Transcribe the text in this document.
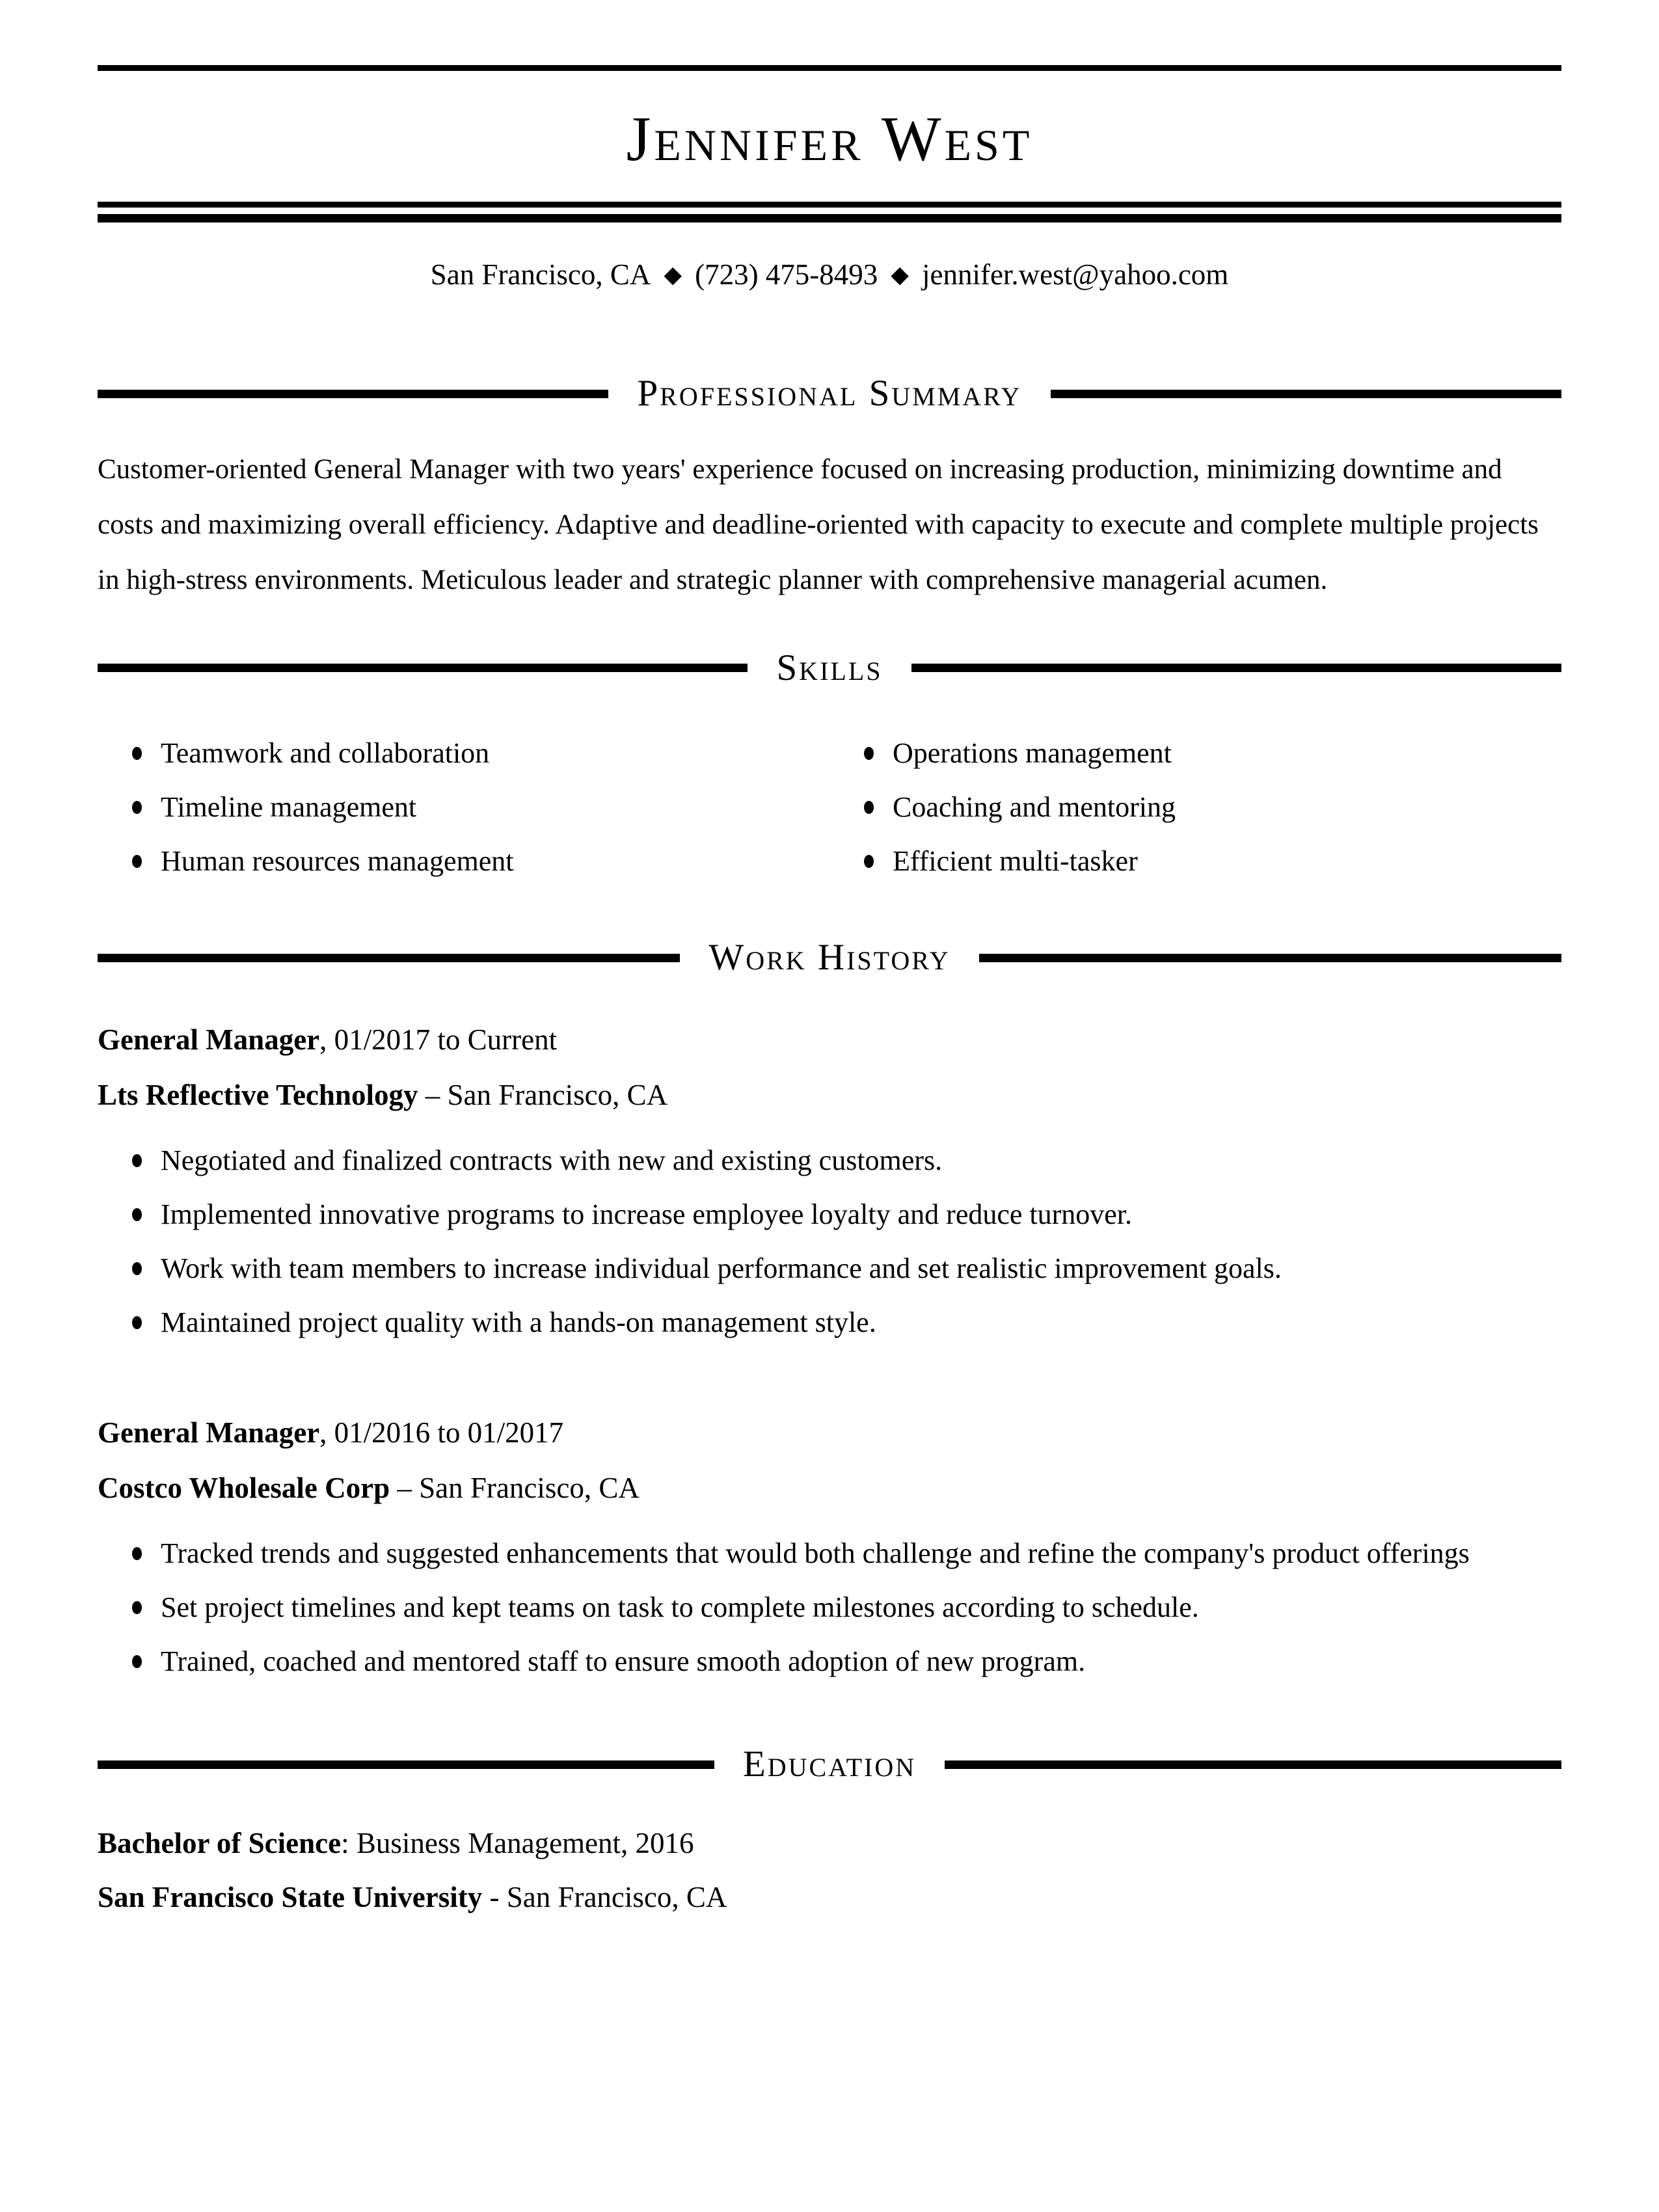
Jennifer West
San Francisco, CA ◆ (723) 475-8493 ◆ jennifer.west@yahoo.com
Professional Summary
Customer-oriented General Manager with two years' experience focused on increasing production, minimizing downtime and costs and maximizing overall efficiency. Adaptive and deadline-oriented with capacity to execute and complete multiple projects in high-stress environments. Meticulous leader and strategic planner with comprehensive managerial acumen.
Skills
Teamwork and collaboration
Timeline management
Human resources management
Operations management
Coaching and mentoring
Efficient multi-tasker
Work History
General Manager, 01/2017 to Current
Lts Reflective Technology – San Francisco, CA
Negotiated and finalized contracts with new and existing customers.
Implemented innovative programs to increase employee loyalty and reduce turnover.
Work with team members to increase individual performance and set realistic improvement goals.
Maintained project quality with a hands-on management style.
General Manager, 01/2016 to 01/2017
Costco Wholesale Corp – San Francisco, CA
Tracked trends and suggested enhancements that would both challenge and refine the company's product offerings
Set project timelines and kept teams on task to complete milestones according to schedule.
Trained, coached and mentored staff to ensure smooth adoption of new program.
Education
Bachelor of Science: Business Management, 2016
San Francisco State University - San Francisco, CA
